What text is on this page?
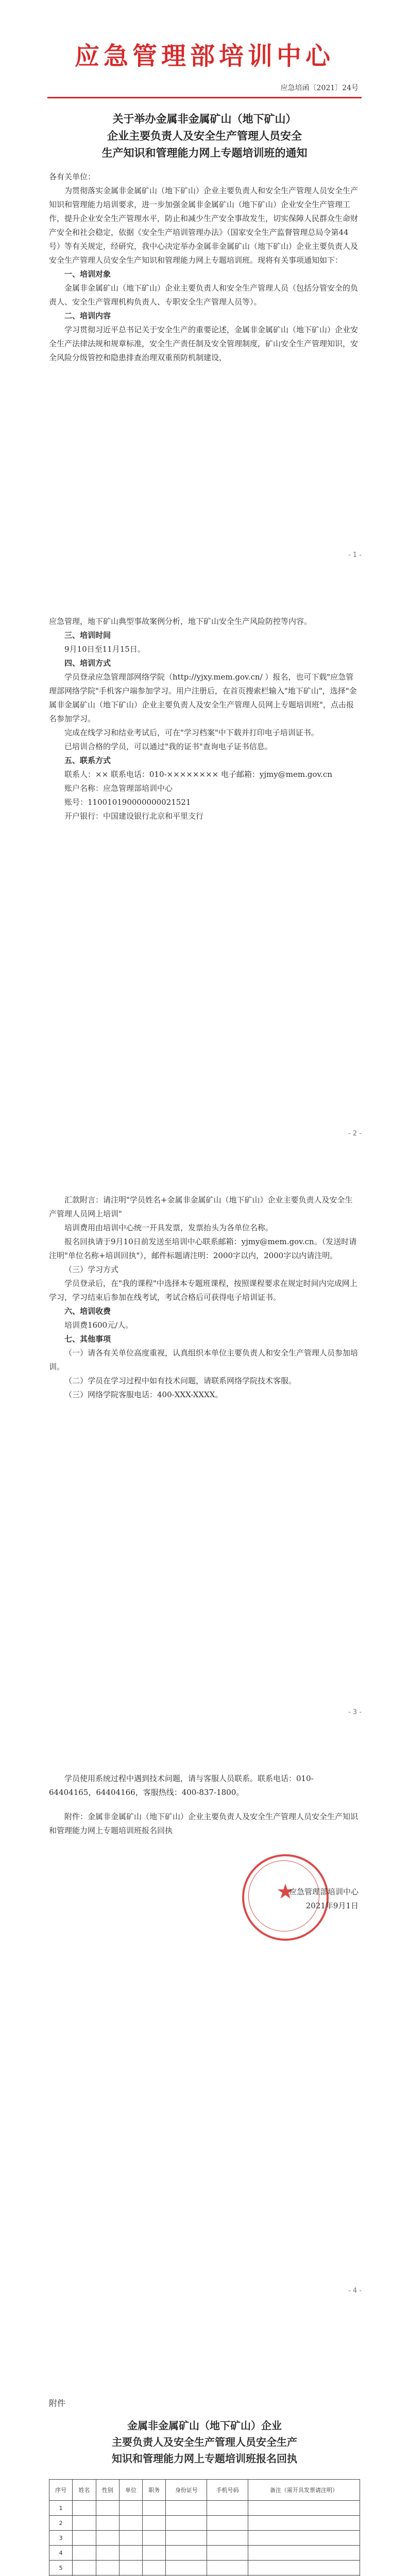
应急管理部培训中心
应急培函〔2021〕24号
关于举办金属非金属矿山（地下矿山）
企业主要负责人及安全生产管理人员安全
生产知识和管理能力网上专题培训班的通知

各有关单位：

为贯彻落实金属非金属矿山（地下矿山）企业主要负责人和安全生产管理人员安全生产知识和管理能力培训要求，进一步加强金属非金属矿山（地下矿山）企业安全生产管理工作，提升企业安全生产管理水平，防止和减少生产安全事故发生，切实保障人民群众生命财产安全和社会稳定，依据《安全生产培训管理办法》（国家安全生产监督管理总局令第44号）等有关规定，经研究，我中心决定举办金属非金属矿山（地下矿山）企业主要负责人及安全生产管理人员安全生产知识和管理能力网上专题培训班。现将有关事项通知如下：

一、培训对象

金属非金属矿山（地下矿山）企业主要负责人和安全生产管理人员（包括分管安全的负责人、安全生产管理机构负责人、专职安全生产管理人员等）。

二、培训内容

学习贯彻习近平总书记关于安全生产的重要论述，金属非金属矿山（地下矿山）企业安全生产法律法规和规章标准，安全生产责任制及安全管理制度，矿山安全生产管理知识，安全风险分级管控和隐患排查治理双重预防机制建设，

- 1 -

应急管理，地下矿山典型事故案例分析，地下矿山安全生产风险防控等内容。

三、培训时间

9月10日至11月15日。

四、培训方式

学员登录应急管理部网络学院（http://yjxy.mem.gov.cn/ ）报名，也可下载"应急管理部网络学院"手机客户端参加学习。用户注册后，在首页搜索栏输入"地下矿山"，选择"金属非金属矿山（地下矿山）企业主要负责人及安全生产管理人员网上专题培训班"，点击报名参加学习。

完成在线学习和结业考试后，可在"学习档案"中下载并打印电子培训证书。

已培训合格的学员，可以通过"我的证书"查询电子证书信息。

五、联系方式

联系人：×× 联系电话：010-×××××××× 电子邮箱：yjmy@mem.gov.cn

账户名称：应急管理部培训中心

账号：110010190000000021521

开户银行：中国建设银行北京和平里支行

- 2 -

汇款附言：请注明"学员姓名+金属非金属矿山（地下矿山）企业主要负责人及安全生产管理人员网上培训"

培训费用由培训中心统一开具发票，发票抬头为各单位名称。

报名回执请于9月10日前发送至培训中心联系邮箱：yjmy@mem.gov.cn。（发送时请注明"单位名称+培训回执"），邮件标题请注明：2000字以内，2000字以内请注明。

（三）学习方式

学员登录后，在"我的课程"中选择本专题班课程，按照课程要求在规定时间内完成网上学习，学习结束后参加在线考试，考试合格后可获得电子培训证书。

六、培训收费

培训费1600元/人。

七、其他事项

（一）请各有关单位高度重视，认真组织本单位主要负责人和安全生产管理人员参加培训。

（二）学员在学习过程中如有技术问题，请联系网络学院技术客服。

（三）网络学院客服电话：400-XXX-XXXX。

- 3 -

学员使用系统过程中遇到技术问题，请与客服人员联系。联系电话：010-64404165，64404166，客服热线：400-837-1800。

附件：金属非金属矿山（地下矿山）企业主要负责人及安全生产管理人员安全生产知识和管理能力网上专题培训班报名回执

★
应急管理部培训中心
2021年9月1日
- 4 -
附件
金属非金属矿山（地下矿山）企业
主要负责人及安全生产管理人员安全生产
知识和管理能力网上专题培训班报名回执
序号	姓名	性别	单位	职务	身份证号	手机号码	备注（需开具发票请注明）
1							
2							
3							
4							
5							
